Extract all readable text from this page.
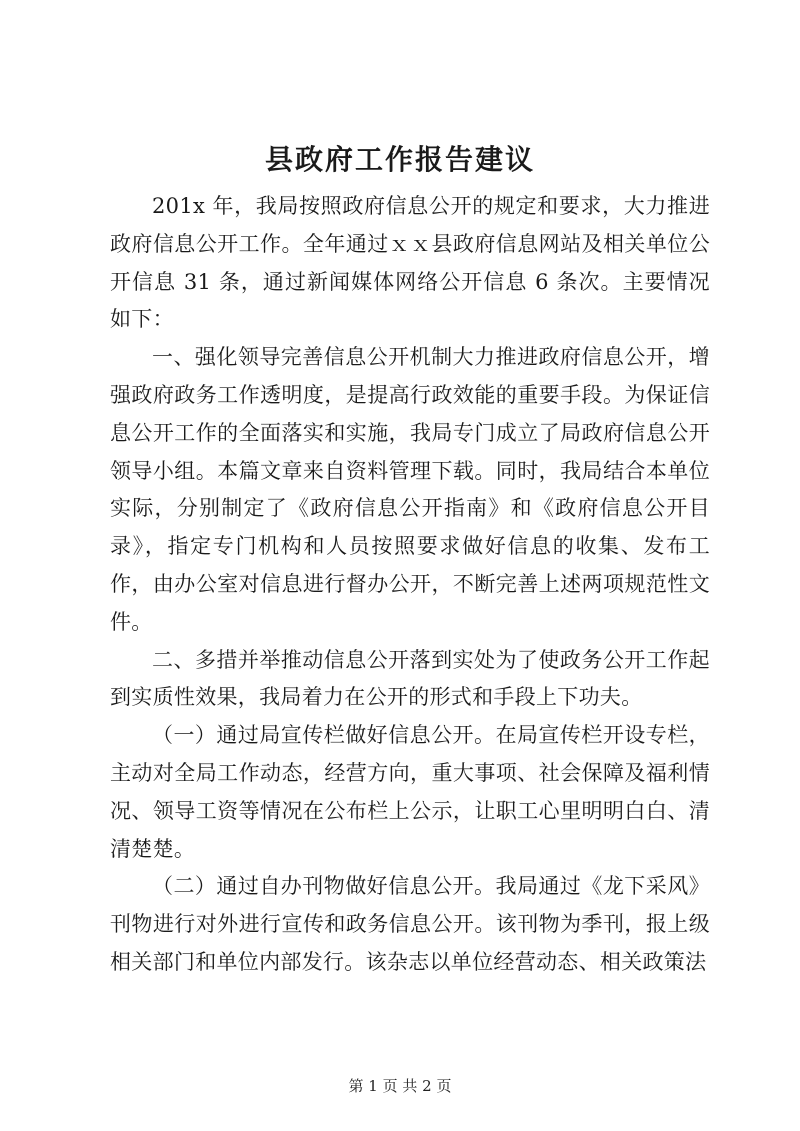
县政府工作报告建议

201x 年，我局按照政府信息公开的规定和要求，大力推进政府信息公开工作。全年通过ｘｘ县政府信息网站及相关单位公开信息 31 条，通过新闻媒体网络公开信息 6 条次。主要情况如下：

一、强化领导完善信息公开机制大力推进政府信息公开，增强政府政务工作透明度，是提高行政效能的重要手段。为保证信息公开工作的全面落实和实施，我局专门成立了局政府信息公开领导小组。本篇文章来自资料管理下载。同时，我局结合本单位实际，分别制定了《政府信息公开指南》和《政府信息公开目录》，指定专门机构和人员按照要求做好信息的收集、发布工作，由办公室对信息进行督办公开，不断完善上述两项规范性文件。

二、多措并举推动信息公开落到实处为了使政务公开工作起到实质性效果，我局着力在公开的形式和手段上下功夫。

（一）通过局宣传栏做好信息公开。在局宣传栏开设专栏，主动对全局工作动态，经营方向，重大事项、社会保障及福利情况、领导工资等情况在公布栏上公示，让职工心里明明白白、清清楚楚。

（二）通过自办刊物做好信息公开。我局通过《龙下采风》刊物进行对外进行宣传和政务信息公开。该刊物为季刊，报上级相关部门和单位内部发行。该杂志以单位经营动态、相关政策法

第 1 页 共 2 页
